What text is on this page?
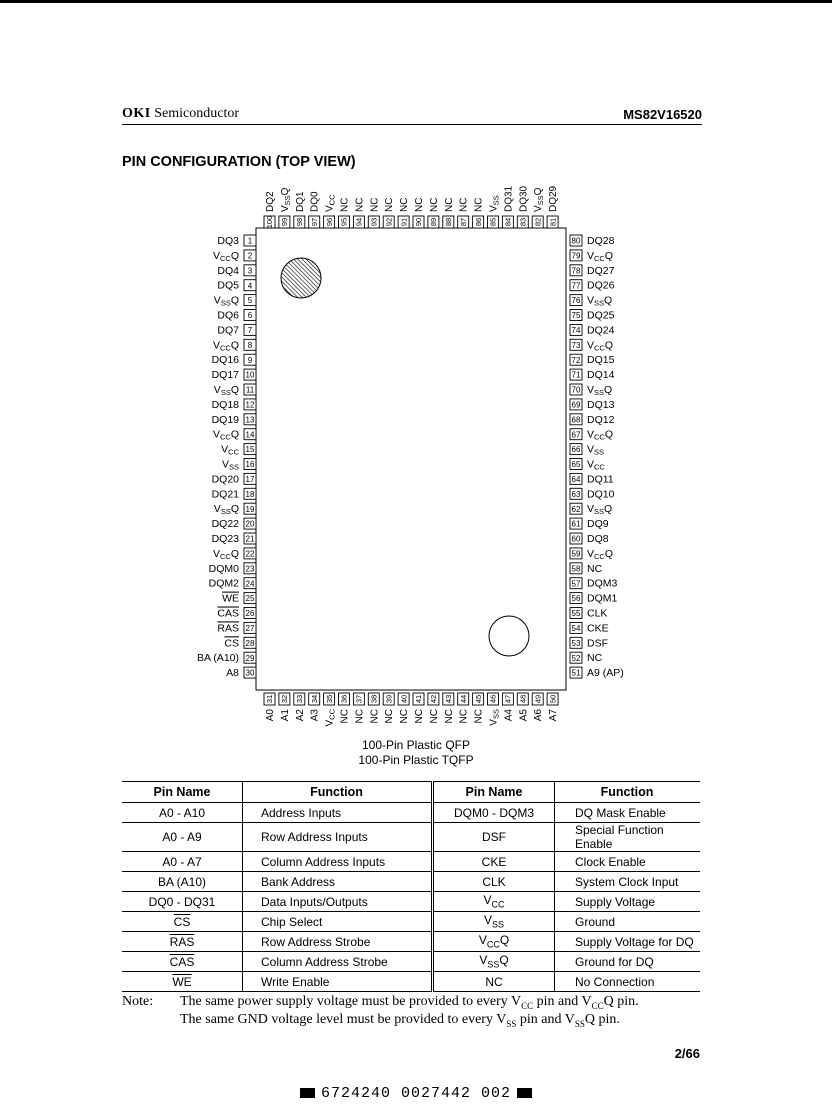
OKI Semiconductor	MS82V16520
PIN CONFIGURATION (TOP VIEW)
1
DQ3
2
VCCQ
3
DQ4
4
DQ5
5
VSSQ
6
DQ6
7
DQ7
8
VCCQ
9
DQ16
10
DQ17
11
VSSQ
12
DQ18
13
DQ19
14
VCCQ
15
VCC
16
VSS
17
DQ20
18
DQ21
19
VSSQ
20
DQ22
21
DQ23
22
VCCQ
23
DQM0
24
DQM2
25
WE
26
CAS
27
RAS
28
CS
29
BA (A10)
30
A8
80 DQ28
79 VCCQ
78 DQ27
77 DQ26
76 VSSQ
75 DQ25
74 DQ24
73 VCCQ
72 DQ15
71 DQ14
70 VSSQ
69 DQ13
68 DQ12
67 VCCQ
66 VSS
65 VCC
64 DQ11
63 DQ10
62 VSSQ
61 DQ9
60 DQ8
59 VCCQ
58 NC
57 DQM3
56 DQM1
55 CLK
54 CKE
53 DSF
52 NC
51 A9 (AP)
100
DQ2
99
$V_{SS}Q$
98
DQ1
97
DQ0
96
$V_{CC}$
95
NC
94
NC
93
NC
92
NC
91
NC
90
NC
89
NC
88
NC
87
NC
86
NC
85
$V_{SS}$
84
DQ31
83
DQ30
82
$V_{SS}Q$
81
DQ29
31
A0
32
A1
33
A2
34
A3
35
$V_{CC}$
36
NC
37
NC
38
NC
39
NC
40
NC
41
NC
42
NC
43
NC
44
NC
45
NC
46
$V_{SS}$
47
A4
48
A5
49
A6
50
A7
100-Pin Plastic QFP
100-Pin Plastic TQFP
Pin Name	Function	Pin Name	Function
A0 - A10	Address Inputs	DQM0 - DQM3	DQ Mask Enable
A0 - A9	Row Address Inputs	DSF	Special Function Enable
A0 - A7	Column Address Inputs	CKE	Clock Enable
BA (A10)	Bank Address	CLK	System Clock Input
DQ0 - DQ31	Data Inputs/Outputs	$V_{CC}$	Supply Voltage
$\overline{CS}$	Chip Select	$V_{SS}$	Ground
$\overline{RAS}$	Row Address Strobe	$V_{CC}Q$	Supply Voltage for DQ
$\overline{CAS}$	Column Address Strobe	$V_{SS}Q$	Ground for DQ
$\overline{WE}$	Write Enable	NC	No Connection
Note: The same power supply voltage must be provided to every $V_{CC}$ pin and $V_{CC}Q$ pin.
The same GND voltage level must be provided to every $V_{SS}$ pin and $V_{SS}Q$ pin.
2/66
6724240 0027442 002
